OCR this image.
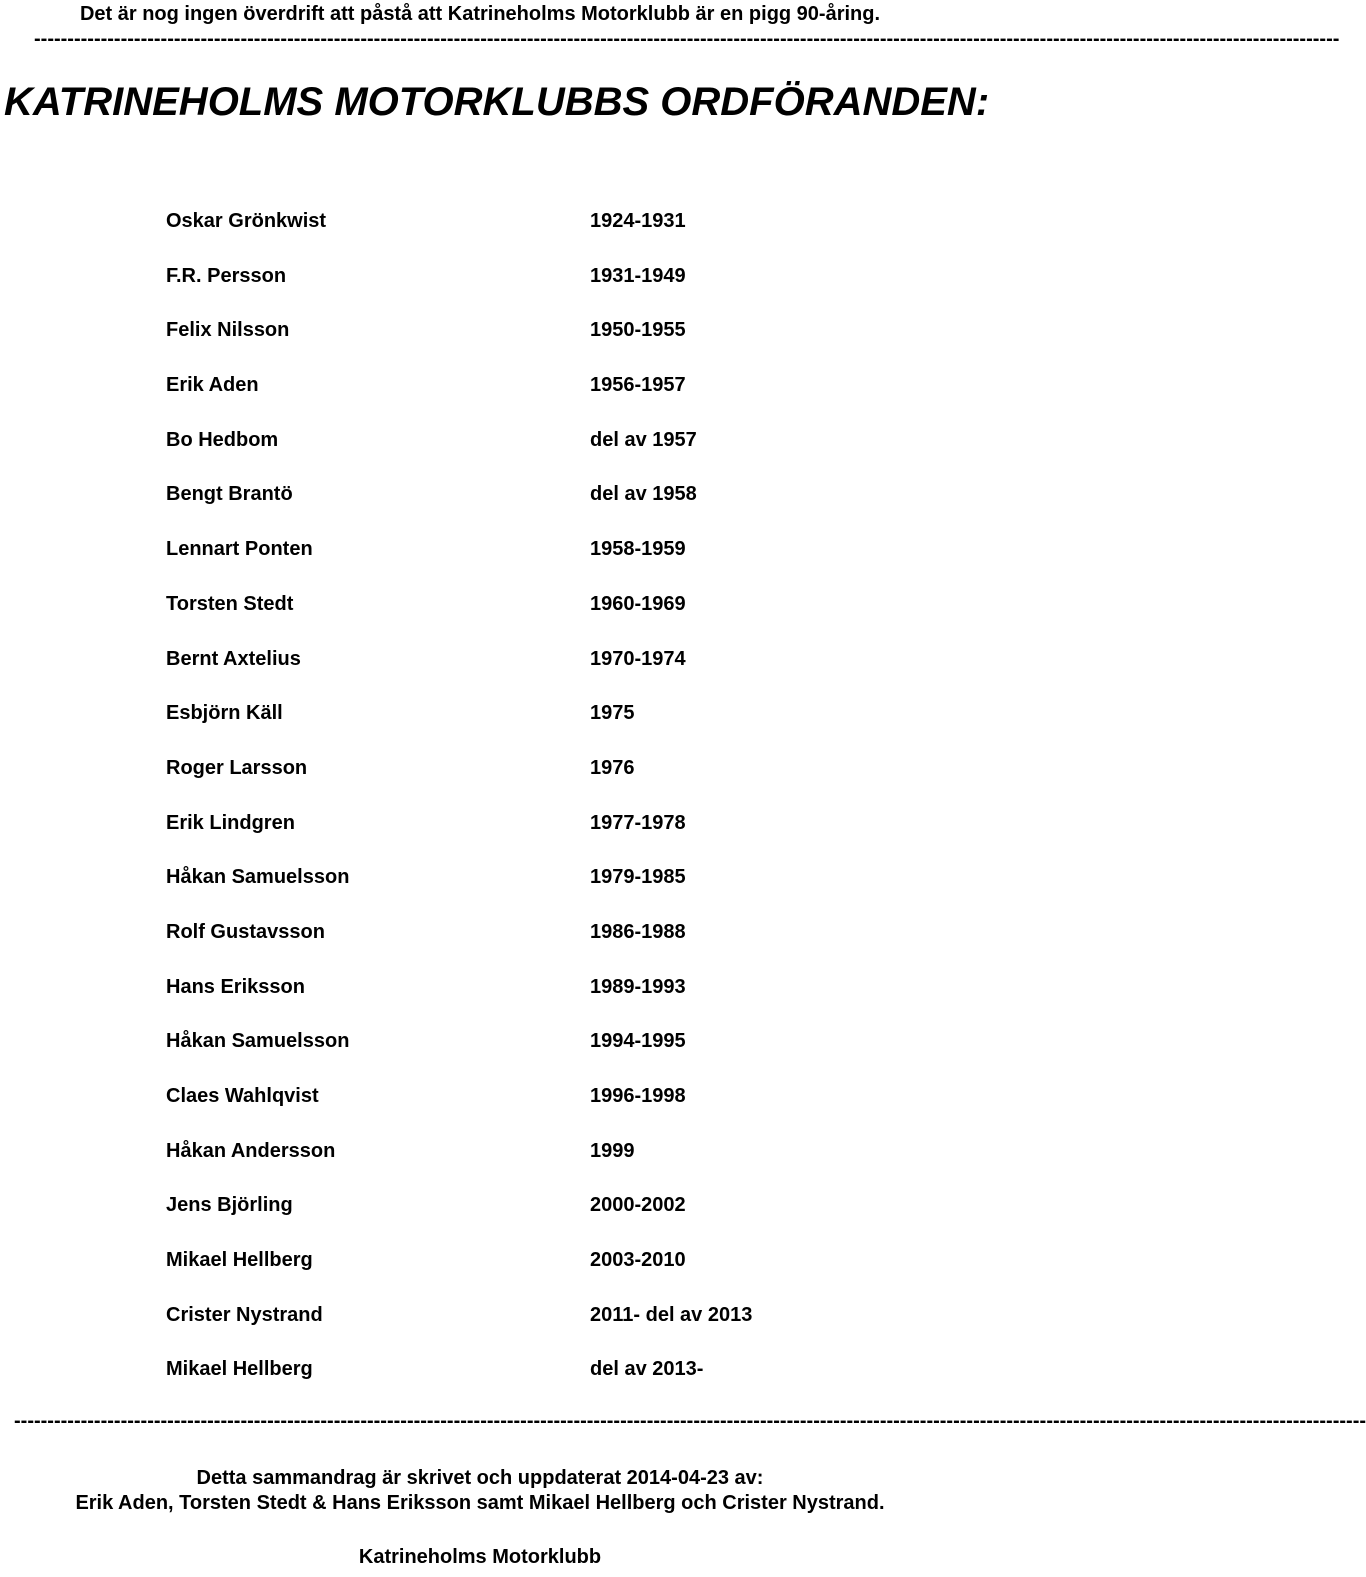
Det är nog ingen överdrift att påstå att Katrineholms Motorklubb är en pigg 90-åring.
----------------------------------------------------------------------------------------------------------------------------------------------------------------------------------------------------
KATRINEHOLMS MOTORKLUBBS ORDFÖRANDEN:
Oskar Grönkwist	1924-1931
F.R. Persson	1931-1949
Felix Nilsson	1950-1955
Erik Aden	1956-1957
Bo Hedbom	del av 1957
Bengt Brantö	del av 1958
Lennart Ponten	1958-1959
Torsten Stedt	1960-1969
Bernt Axtelius	1970-1974
Esbjörn Käll	1975
Roger Larsson	1976
Erik Lindgren	1977-1978
Håkan Samuelsson	1979-1985
Rolf Gustavsson	1986-1988
Hans Eriksson	1989-1993
Håkan Samuelsson	1994-1995
Claes Wahlqvist	1996-1998
Håkan Andersson	1999
Jens Björling	2000-2002
Mikael Hellberg	2003-2010
Crister Nystrand	2011- del av 2013
Mikael Hellberg	del av 2013-
-----------------------------------------------------------------------------------------------------------------------------------------------------------------------------------------------------------
Detta sammandrag är skrivet och uppdaterat 2014-04-23 av:
Erik Aden, Torsten Stedt & Hans Eriksson samt Mikael Hellberg och Crister Nystrand.
Katrineholms Motorklubb
